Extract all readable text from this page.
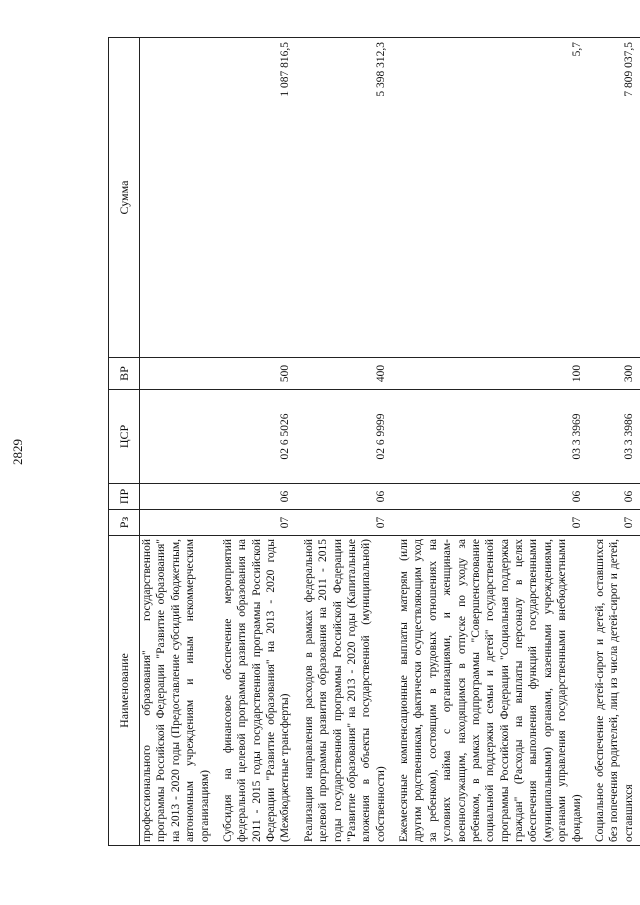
2829
Наименование	Рз	ПР	ЦСР	ВР	Сумма
профессионального образования" государственной программы Российской Федерации "Развитие образования" на 2013 - 2020 годы (Предоставление субсидий бюджетным, автономным учреждениям и иным некоммерческим организациям)					
Субсидия на финансовое обеспечение мероприятий федеральной целевой программы развития образования на 2011 - 2015 годы государственной программы Российской Федерации "Развитие образования" на 2013 - 2020 годы (Межбюджетные трансферты)	07	06	02 6 5026	500	1 087 816,5
Реализация направления расходов в рамках федеральной целевой программы развития образования на 2011 - 2015 годы государственной программы Российской Федерации "Развитие образования" на 2013 - 2020 годы (Капитальные вложения в объекты государственной (муниципальной) собственности)	07	06	02 6 9999	400	5 398 312,3
Ежемесячные компенсационные выплаты матерям (или другим родственникам, фактически осуществляющим уход за ребенком), состоящим в трудовых отношениях на условиях найма с организациями, и женщинам-военнослужащим, находящимся в отпуске по уходу за ребенком, в рамках подпрограммы "Совершенствование социальной поддержки семьи и детей" государственной программы Российской Федерации "Социальная поддержка граждан" (Расходы на выплаты персоналу в целях обеспечения выполнения функций государственными (муниципальными) органами, казенными учреждениями, органами управления государственными внебюджетными фондами)	07	06	03 3 3969	100	5,7
Социальное обеспечение детей-сирот и детей, оставшихся без попечения родителей, лиц из числа детей-сирот и детей, оставшихся	07	06	03 3 3986	300	7 809 037,5
